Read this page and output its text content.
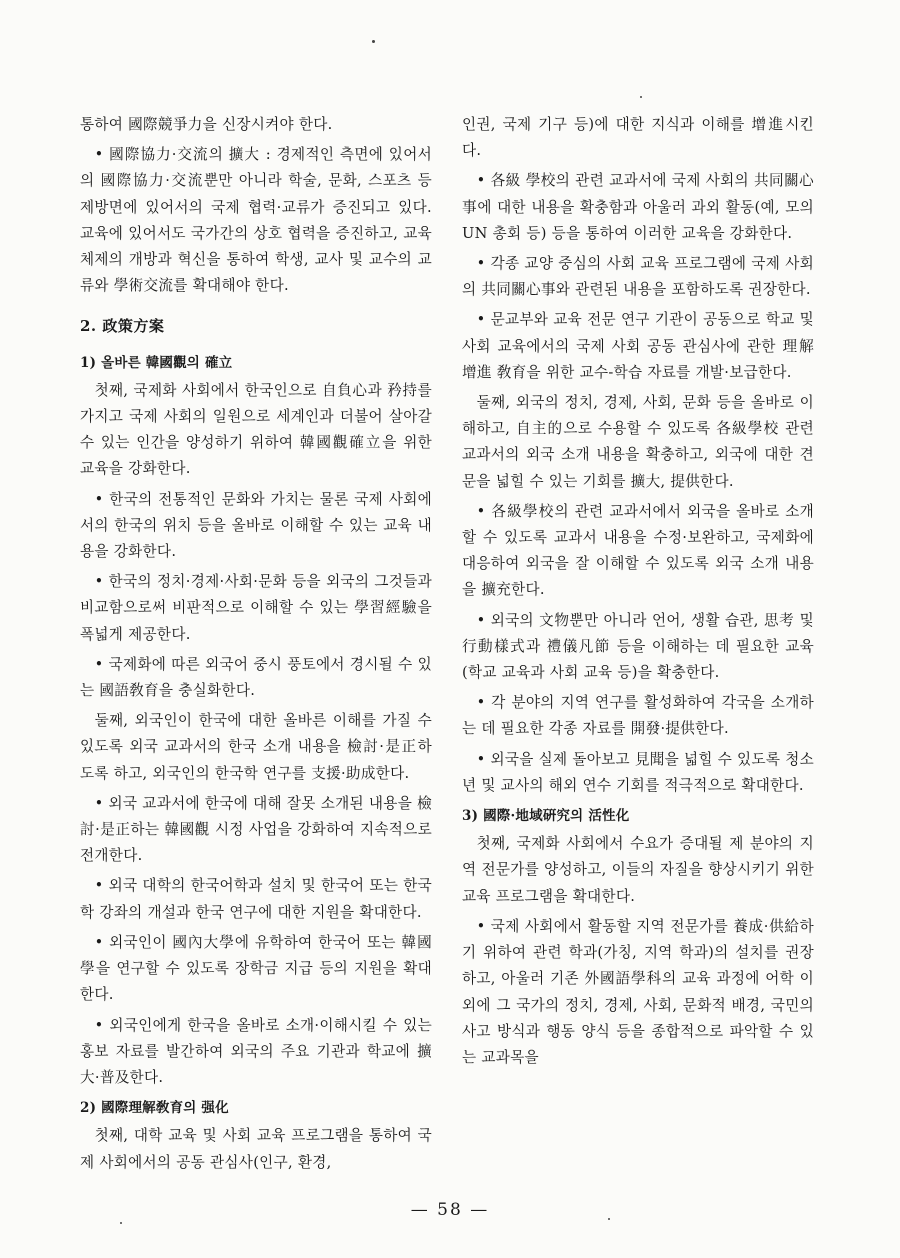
통하여 國際競爭力을 신장시켜야 한다.

• 國際協力·交流의 擴大 : 경제적인 측면에 있어서의 國際協力·交流뿐만 아니라 학술, 문화, 스포츠 등 제방면에 있어서의 국제 협력·교류가 증진되고 있다. 교육에 있어서도 국가간의 상호 협력을 증진하고, 교육 체제의 개방과 혁신을 통하여 학생, 교사 및 교수의 교류와 學術交流를 확대해야 한다.

2. 政策方案
1) 올바른 韓國觀의 確立

첫째, 국제화 사회에서 한국인으로 自負心과 矜持를 가지고 국제 사회의 일원으로 세계인과 더불어 살아갈 수 있는 인간을 양성하기 위하여 韓國觀確立을 위한 교육을 강화한다.

• 한국의 전통적인 문화와 가치는 물론 국제 사회에서의 한국의 위치 등을 올바로 이해할 수 있는 교육 내용을 강화한다.

• 한국의 정치·경제·사회·문화 등을 외국의 그것들과 비교함으로써 비판적으로 이해할 수 있는 學習經驗을 폭넓게 제공한다.

• 국제화에 따른 외국어 중시 풍토에서 경시될 수 있는 國語敎育을 충실화한다.

둘째, 외국인이 한국에 대한 올바른 이해를 가질 수 있도록 외국 교과서의 한국 소개 내용을 檢討·是正하도록 하고, 외국인의 한국학 연구를 支援·助成한다.

• 외국 교과서에 한국에 대해 잘못 소개된 내용을 檢討·是正하는 韓國觀 시정 사업을 강화하여 지속적으로 전개한다.

• 외국 대학의 한국어학과 설치 및 한국어 또는 한국학 강좌의 개설과 한국 연구에 대한 지원을 확대한다.

• 외국인이 國內大學에 유학하여 한국어 또는 韓國學을 연구할 수 있도록 장학금 지급 등의 지원을 확대한다.

• 외국인에게 한국을 올바로 소개·이해시킬 수 있는 홍보 자료를 발간하여 외국의 주요 기관과 학교에 擴大·普及한다.

2) 國際理解敎育의 强化

첫째, 대학 교육 및 사회 교육 프로그램을 통하여 국제 사회에서의 공동 관심사(인구, 환경,

인권, 국제 기구 등)에 대한 지식과 이해를 增進시킨다.

• 各級 學校의 관련 교과서에 국제 사회의 共同關心事에 대한 내용을 확충함과 아울러 과외 활동(예, 모의 UN 총회 등) 등을 통하여 이러한 교육을 강화한다.

• 각종 교양 중심의 사회 교육 프로그램에 국제 사회의 共同關心事와 관련된 내용을 포함하도록 권장한다.

• 문교부와 교육 전문 연구 기관이 공동으로 학교 및 사회 교육에서의 국제 사회 공동 관심사에 관한 理解增進 敎育을 위한 교수-학습 자료를 개발·보급한다.

둘째, 외국의 정치, 경제, 사회, 문화 등을 올바로 이해하고, 自主的으로 수용할 수 있도록 各級學校 관련 교과서의 외국 소개 내용을 확충하고, 외국에 대한 견문을 넓힐 수 있는 기회를 擴大, 提供한다.

• 各級學校의 관련 교과서에서 외국을 올바로 소개할 수 있도록 교과서 내용을 수정·보완하고, 국제화에 대응하여 외국을 잘 이해할 수 있도록 외국 소개 내용을 擴充한다.

• 외국의 文物뿐만 아니라 언어, 생활 습관, 思考 및 行動樣式과 禮儀凡節 등을 이해하는 데 필요한 교육(학교 교육과 사회 교육 등)을 확충한다.

• 각 분야의 지역 연구를 활성화하여 각국을 소개하는 데 필요한 각종 자료를 開發·提供한다.

• 외국을 실제 돌아보고 見聞을 넓힐 수 있도록 청소년 및 교사의 해외 연수 기회를 적극적으로 확대한다.

3) 國際·地域硏究의 活性化

첫째, 국제화 사회에서 수요가 증대될 제 분야의 지역 전문가를 양성하고, 이들의 자질을 향상시키기 위한 교육 프로그램을 확대한다.

• 국제 사회에서 활동할 지역 전문가를 養成·供給하기 위하여 관련 학과(가칭, 지역 학과)의 설치를 권장하고, 아울러 기존 外國語學科의 교육 과정에 어학 이외에 그 국가의 정치, 경제, 사회, 문화적 배경, 국민의 사고 방식과 행동 양식 등을 종합적으로 파악할 수 있는 교과목을

— 58 —
